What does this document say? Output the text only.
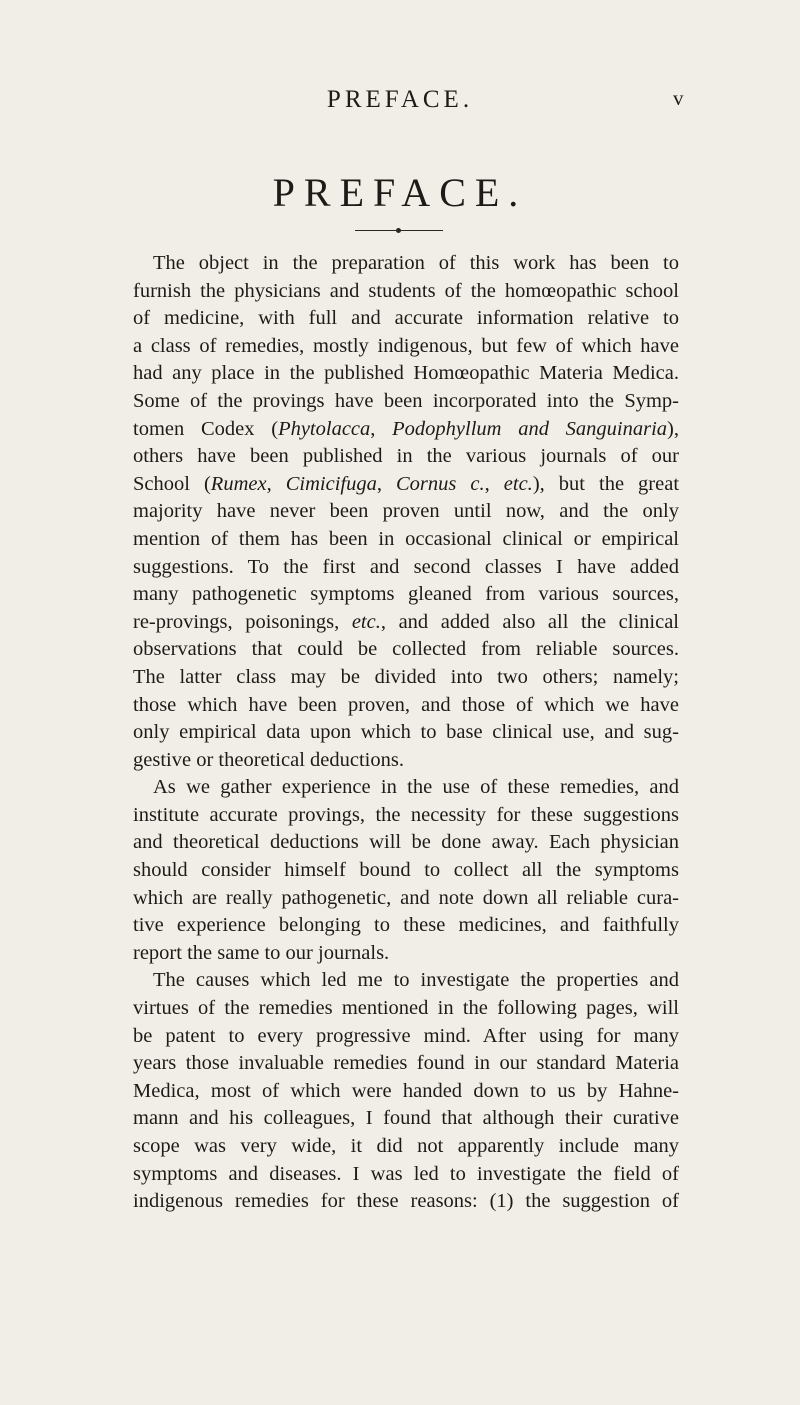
PREFACE.	v
PREFACE.
The object in the preparation of this work has been to
furnish the physicians and students of the homœopathic school
of medicine, with full and accurate information relative to
a class of remedies, mostly indigenous, but few of which have
had any place in the published Homœopathic Materia Medica.
Some of the provings have been incorporated into the Symp-
tomen Codex (Phytolacca, Podophyllum and Sanguinaria),
others have been published in the various journals of our
School (Rumex, Cimicifuga, Cornus c., etc.), but the great
majority have never been proven until now, and the only
mention of them has been in occasional clinical or empirical
suggestions. To the first and second classes I have added
many pathogenetic symptoms gleaned from various sources,
re-provings, poisonings, etc., and added also all the clinical
observations that could be collected from reliable sources.
The latter class may be divided into two others; namely;
those which have been proven, and those of which we have
only empirical data upon which to base clinical use, and sug-
gestive or theoretical deductions.
As we gather experience in the use of these remedies, and
institute accurate provings, the necessity for these suggestions
and theoretical deductions will be done away. Each physician
should consider himself bound to collect all the symptoms
which are really pathogenetic, and note down all reliable cura-
tive experience belonging to these medicines, and faithfully
report the same to our journals.
The causes which led me to investigate the properties and
virtues of the remedies mentioned in the following pages, will
be patent to every progressive mind. After using for many
years those invaluable remedies found in our standard Materia
Medica, most of which were handed down to us by Hahne-
mann and his colleagues, I found that although their curative
scope was very wide, it did not apparently include many
symptoms and diseases. I was led to investigate the field of
indigenous remedies for these reasons: (1) the suggestion of
